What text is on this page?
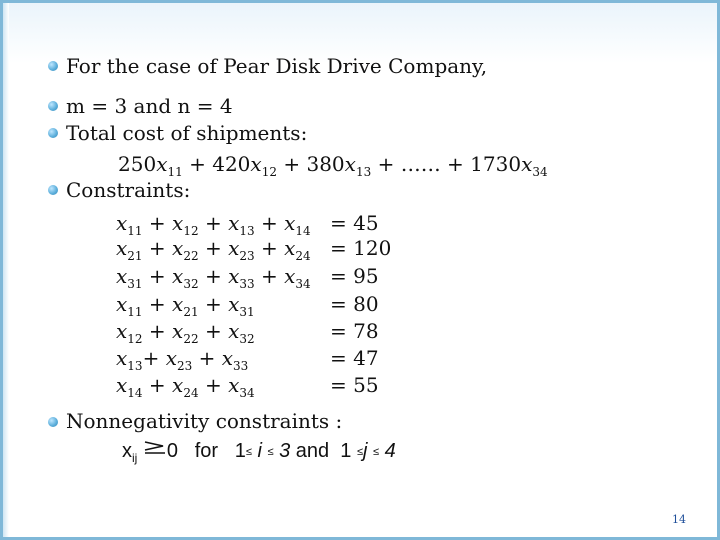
For the case of Pear Disk Drive Company,
m = 3 and n = 4
Total cost of shipments:
$250x_{11} + 420x_{12} + 380x_{13}$ + …… + $1730x_{34}$
Constraints:
$x_{11} + x_{12} + x_{13} + x_{14} = 45$
$x_{21} + x_{22} + x_{23} + x_{24} = 120$
$x_{31} + x_{32} + x_{33} + x_{34} = 95$
$x_{11} + x_{21} + x_{31}$	= 80
$x_{12} + x_{22} + x_{32}$	= 78
$x_{13}+ x_{23} + x_{33}$	= 47
$x_{14} + x_{24} + x_{34}$	= 55
Nonnegativity constraints :
$x_{ij}$ 0 for 1≤ i ≤ 3 and 1 ≤j ≤ 4
14
